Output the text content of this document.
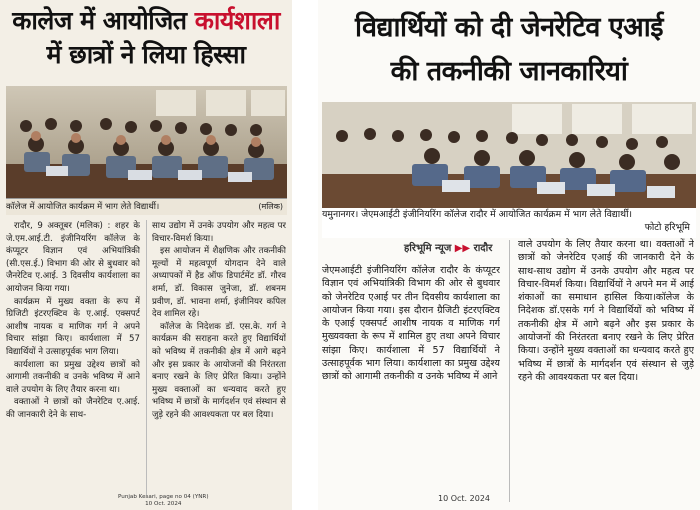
कालेज में आयोजित कार्यशाला
में छात्रों ने लिया हिस्सा
कॉलेज में आयोजित कार्यक्रम में भाग लेते विद्यार्थी।	(मलिक)

रादौर, 9 अक्तूबर (मलिक) : शहर के जे.एम.आई.टी. इंजीनियरिंग कॉलेज के कंप्यूटर विज्ञान एवं अभियांत्रिकी (सी.एस.ई.) विभाग की ओर से बुधवार को जैनरेटिव ए.आई. 3 दिवसीय कार्यशाला का आयोजन किया गया।

कार्यक्रम में मुख्य वक्ता के रूप में ग्रिजिटी इंटरएक्टिव के ए.आई. एक्सपर्ट आशीष नायक व माणिक गर्ग ने अपने विचार सांझा किए। कार्यशाला में 57 विद्यार्थियों ने उत्साहपूर्वक भाग लिया।

कार्यशाला का प्रमुख उद्देश्य छात्रों को आगामी तकनीकी व उनके भविष्य में आने वाले उपयोग के लिए तैयार करना था।

वक्ताओं ने छात्रों को जैनरेटिव ए.आई. की जानकारी देने के साथ-

साथ उद्योग में उनके उपयोग और महत्व पर विचार-विमर्श किया।

इस आयोजन में शैक्षणिक और तकनीकी मूल्यों में महत्वपूर्ण योगदान देने वाले अध्यापकों में हैड ऑफ डिपार्टमेंट डॉ. गौरव शर्मा, डॉ. विकास जुनेजा, डॉ. शबनम प्रवीण, डॉ. भावना शर्मा, इंजीनियर कपिल देव शामिल रहे।

कॉलेज के निदेशक डॉ. एस.के. गर्ग ने कार्यक्रम की सराहना करते हुए विद्यार्थियों को भविष्य में तकनीकी क्षेत्र में आगे बढ़ने और इस प्रकार के आयोजनों की निरंतरता बनाए रखने के लिए प्रेरित किया। उन्होंने मुख्य वक्ताओं का धन्यवाद करते हुए भविष्य में छात्रों के मार्गदर्शन एवं संस्थान से जुड़े रहने की आवश्यकता पर बल दिया।

Punjab Kesari, page no 04 (YNR)
10 Oct. 2024
विद्यार्थियों को दी जेनरेटिव एआई
की तकनीकी जानकारियां
यमुनानगर। जेएमआईटी इंजीनियरिंग कॉलेज रादौर में आयोजित कार्यक्रम में भाग लेते विद्यार्थी।
फोटो हरिभूमि
हरिभूमि न्यूज ▶▶ रादौर
जेएमआईटी इंजीनियरिंग कॉलेज रादौर के कंप्यूटर विज्ञान एवं अभियांत्रिकी विभाग की ओर से बुधवार को जेनरेटिव एआई पर तीन दिवसीय कार्यशाला का आयोजन किया गया। इस दौरान ग्रैजिटी इंटरएक्टिव के एआई एक्सपर्ट आशीष नायक व माणिक गर्ग मुख्यवक्ता के रूप में शामिल हुए तथा अपने विचार सांझा किए। कार्यशाला में 57 विद्यार्थियों ने उत्साहपूर्वक भाग लिया। कार्यशाला का प्रमुख उद्देश्य छात्रों को आगामी तकनीकी व उनके भविष्य में आने
वाले उपयोग के लिए तैयार करना था। वक्ताओं ने छात्रों को जेनरेटिव एआई की जानकारी देने के साथ-साथ उद्योग में उनके उपयोग और महत्व पर विचार-विमर्श किया। विद्यार्थियों ने अपने मन में आई शंकाओं का समाधान हासिल किया।कॉलेज के निदेशक डॉ.एसके गर्ग ने विद्यार्थियों को भविष्य में तकनीकी क्षेत्र में आगे बढ़ने और इस प्रकार के आयोजनों की निरंतरता बनाए रखने के लिए प्रेरित किया। उन्होंने मुख्य वक्ताओं का धन्यवाद करते हुए भविष्य में छात्रों के मार्गदर्शन एवं संस्थान से जुड़े रहने की आवश्यकता पर बल दिया।
10 Oct. 2024
